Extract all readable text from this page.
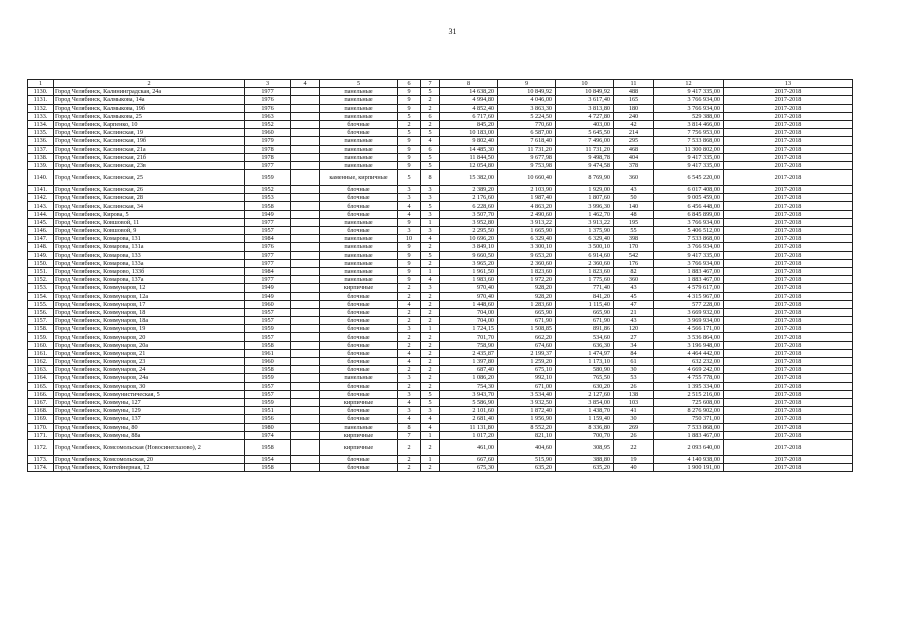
31
1	2	3	4	5	6	7	8	9	10	11	12	13
1130.	Город Челябинск, Калининградская, 24а	1977		панельные	9	5	14 638,20	10 849,92	10 849,92	488	9 417 335,00	2017-2018
1131.	Город Челябинск, Калмыкова, 14а	1976		панельные	9	2	4 994,80	4 046,00	3 617,40	165	3 766 934,00	2017-2018
1132.	Город Челябинск, Калмыкова, 19б	1976		панельные	9	2	4 852,40	3 863,30	3 813,80	180	3 766 934,00	2017-2018
1133.	Город Челябинск, Калмыкова, 25	1963		панельные	5	6	6 717,60	5 224,50	4 727,80	240	529 388,00	2017-2018
1134.	Город Челябинск, Карпенко, 10	1952		блочные	2	2	845,20	770,60	403,00	42	3 814 466,00	2017-2018
1135.	Город Челябинск, Каслинская, 19	1960		блочные	5	5	10 183,00	6 587,00	5 645,50	214	7 756 953,00	2017-2018
1136.	Город Челябинск, Каслинская, 19б	1979		панельные	9	4	9 802,40	7 618,40	7 496,00	295	7 533 868,00	2017-2018
1137.	Город Челябинск, Каслинская, 21а	1978		панельные	9	6	14 485,30	11 731,20	11 731,20	468	11 300 802,00	2017-2018
1138.	Город Челябинск, Каслинская, 21б	1978		панельные	9	5	11 844,50	9 677,98	9 498,78	404	9 417 335,00	2017-2018
1139.	Город Челябинск, Каслинская, 23в	1977		панельные	9	5	12 054,80	9 753,98	9 474,58	378	9 417 335,00	2017-2018
1140.	Город Челябинск, Каслинская, 25	1959		каменные, кирпичные	5	8	15 382,00	10 660,40	8 769,90	360	6 545 220,00	2017-2018
1141.	Город Челябинск, Каслинская, 26	1952		блочные	3	3	2 389,20	2 103,90	1 929,00	43	6 017 408,00	2017-2018
1142.	Город Челябинск, Каслинская, 28	1953		блочные	3	3	2 176,60	1 987,40	1 807,60	50	9 005 459,00	2017-2018
1143.	Город Челябинск, Каслинская, 34	1958		блочные	4	5	6 228,60	4 863,20	3 996,30	140	6 456 448,00	2017-2018
1144.	Город Челябинск, Кирова, 5	1949		блочные	4	3	3 507,70	2 490,60	1 462,70	48	6 845 899,00	2017-2018
1145.	Город Челябинск, Ковшовой, 11	1977		панельные	9	1	3 952,80	3 913,22	3 913,22	195	3 766 934,00	2017-2018
1146.	Город Челябинск, Ковшовой, 9	1957		блочные	3	3	2 295,50	1 665,90	1 375,90	55	5 406 512,00	2017-2018
1147.	Город Челябинск, Комарова, 131	1984		панельные	10	4	10 696,20	6 329,40	6 329,40	398	7 533 868,00	2017-2018
1148.	Город Челябинск, Комарова, 131а	1976		панельные	9	2	3 849,10	3 300,10	3 500,10	170	3 766 934,00	2017-2018
1149.	Город Челябинск, Комарова, 133	1977		панельные	9	5	9 660,50	9 653,20	6 914,60	542	9 417 335,00	2017-2018
1150.	Город Челябинск, Комарова, 133а	1977		панельные	9	2	3 965,20	2 360,60	2 360,60	176	3 766 934,00	2017-2018
1151.	Город Челябинск, Комарово, 133б	1984		панельные	9	1	1 961,50	1 823,60	1 823,60	82	1 883 467,00	2017-2018
1152.	Город Челябинск, Комарова, 137а	1977		панельные	9	4	1 983,60	1 972,20	1 775,60	360	1 883 467,00	2017-2018
1153.	Город Челябинск, Коммунаров, 12	1949		кирпичные	2	3	970,40	928,20	771,40	43	4 579 617,00	2017-2018
1154.	Город Челябинск, Коммунаров, 12а	1949		блочные	2	2	970,40	928,20	841,20	45	4 315 967,00	2017-2018
1155.	Город Челябинск, Коммунаров, 17	1960		блочные	4	2	1 448,60	1 283,60	1 115,40	47	577 228,00	2017-2018
1156.	Город Челябинск, Коммунаров, 18	1957		блочные	2	2	704,00	665,90	665,90	21	3 669 932,00	2017-2018
1157.	Город Челябинск, Коммунаров, 18а	1957		блочные	2	2	704,00	671,90	671,90	43	3 969 934,00	2017-2018
1158.	Город Челябинск, Коммунаров, 19	1959		блочные	3	1	1 724,15	1 508,85	891,86	120	4 566 171,00	2017-2018
1159.	Город Челябинск, Коммунаров, 20	1957		блочные	2	2	701,70	662,20	534,60	27	3 536 864,00	2017-2018
1160.	Город Челябинск, Коммунаров, 20а	1958		блочные	2	2	758,90	674,60	636,30	34	3 196 948,00	2017-2018
1161.	Город Челябинск, Коммунаров, 21	1961		блочные	4	2	2 435,87	2 199,37	1 474,97	84	4 464 442,00	2017-2018
1162.	Город Челябинск, Коммунаров, 23	1960		блочные	4	2	1 397,80	1 259,20	1 173,10	61	632 232,00	2017-2018
1163.	Город Челябинск, Коммунаров, 24	1958		блочные	2	2	687,40	675,10	580,90	30	4 669 242,00	2017-2018
1164.	Город Челябинск, Коммунаров, 24а	1959		панельные	3	2	1 086,20	992,10	765,50	53	4 755 778,00	2017-2018
1165.	Город Челябинск, Коммунаров, 30	1957		блочные	2	2	754,30	671,00	630,20	26	1 395 334,00	2017-2018
1166.	Город Челябинск, Коммунистическая, 5	1957		блочные	3	5	3 943,70	3 534,40	2 127,60	138	2 515 216,00	2017-2018
1167.	Город Челябинск, Коммуны, 127	1959		кирпичные	4	5	5 586,90	3 932,50	3 854,00	103	725 608,00	2017-2018
1168.	Город Челябинск, Коммуны, 129	1951		блочные	3	3	2 101,60	1 872,40	1 438,70	41	8 276 902,00	2017-2018
1169.	Город Челябинск, Коммуны, 137	1956		блочные	4	4	2 681,40	1 956,90	1 159,40	30	750 371,00	2017-2018
1170.	Город Челябинск, Коммуны, 80	1980		панельные	8	4	11 131,80	8 552,20	8 336,80	269	7 533 868,00	2017-2018
1171.	Город Челябинск, Коммуны, 88а	1974		кирпичные	7	1	1 017,20	821,10	700,70	26	1 883 467,00	2017-2018
1172.	Город Челябинск, Комсомольская (Новосинеглазово), 2	1958		кирпичные	2	2	461,00	404,60	308,95	22	2 093 640,00	2017-2018
1173.	Город Челябинск, Комсомольская, 20	1954		блочные	2	1	667,60	515,90	388,80	19	4 140 938,00	2017-2018
1174.	Город Челябинск, Контейнерная, 12	1958		блочные	2	2	675,30	635,20	635,20	40	1 900 191,00	2017-2018
